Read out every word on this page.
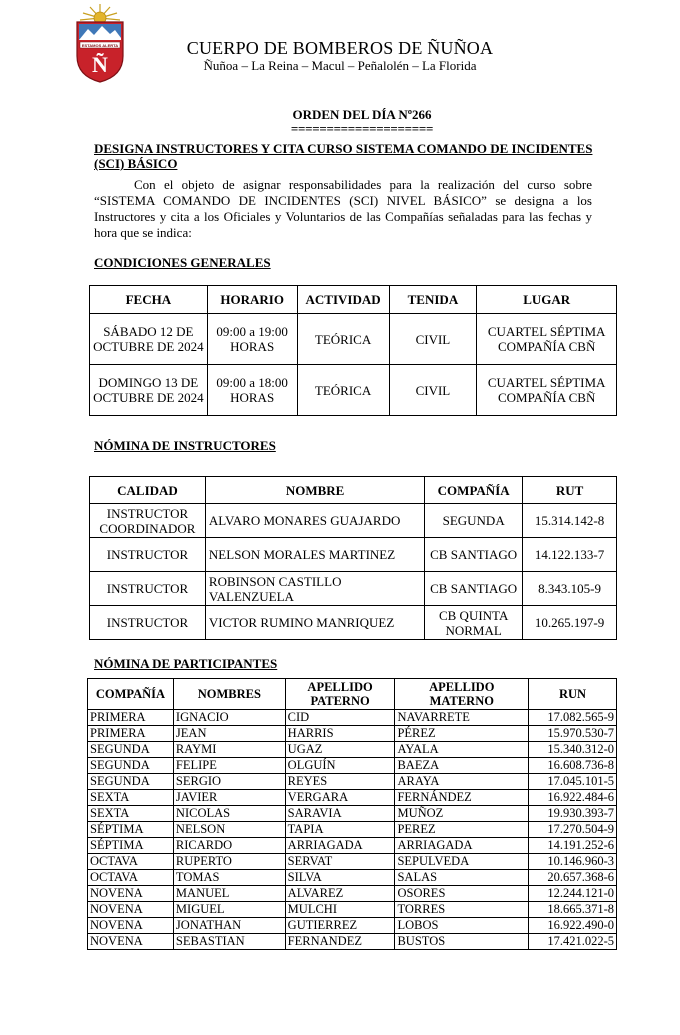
ESTAMOS ALERTA
Ñ
CUERPO DE BOMBEROS DE ÑUÑOA
Ñuñoa – La Reina – Macul – Peñalolén – La Florida
ORDEN DEL DÍA Nº266
====================
DESIGNA INSTRUCTORES Y CITA CURSO SISTEMA COMANDO DE INCIDENTES (SCI) BÁSICO
Con el objeto de asignar responsabilidades para la realización del curso sobre “SISTEMA COMANDO DE INCIDENTES (SCI) NIVEL BÁSICO” se designa a los Instructores y cita a los Oficiales y Voluntarios de las Compañías señaladas para las fechas y hora que se indica:
CONDICIONES GENERALES
FECHA	HORARIO	ACTIVIDAD	TENIDA	LUGAR
SÁBADO 12 DE OCTUBRE DE 2024	09:00 a 19:00 HORAS	TEÓRICA	CIVIL	CUARTEL SÉPTIMA COMPAÑÍA CBÑ
DOMINGO 13 DE OCTUBRE DE 2024	09:00 a 18:00 HORAS	TEÓRICA	CIVIL	CUARTEL SÉPTIMA COMPAÑÍA CBÑ
NÓMINA DE INSTRUCTORES
CALIDAD	NOMBRE	COMPAÑÍA	RUT
INSTRUCTOR COORDINADOR	ALVARO MONARES GUAJARDO	SEGUNDA	15.314.142-8
INSTRUCTOR	NELSON MORALES MARTINEZ	CB SANTIAGO	14.122.133-7
INSTRUCTOR	ROBINSON CASTILLO VALENZUELA	CB SANTIAGO	8.343.105-9
INSTRUCTOR	VICTOR RUMINO MANRIQUEZ	CB QUINTA NORMAL	10.265.197-9
NÓMINA DE PARTICIPANTES
COMPAÑÍA	NOMBRES	APELLIDO PATERNO	APELLIDO MATERNO	RUN
PRIMERA	IGNACIO	CID	NAVARRETE	17.082.565-9
PRIMERA	JEAN	HARRIS	PÉREZ	15.970.530-7
SEGUNDA	RAYMI	UGAZ	AYALA	15.340.312-0
SEGUNDA	FELIPE	OLGUÍN	BAEZA	16.608.736-8
SEGUNDA	SERGIO	REYES	ARAYA	17.045.101-5
SEXTA	JAVIER	VERGARA	FERNÁNDEZ	16.922.484-6
SEXTA	NICOLAS	SARAVIA	MUÑOZ	19.930.393-7
SÉPTIMA	NELSON	TAPIA	PEREZ	17.270.504-9
SÉPTIMA	RICARDO	ARRIAGADA	ARRIAGADA	14.191.252-6
OCTAVA	RUPERTO	SERVAT	SEPULVEDA	10.146.960-3
OCTAVA	TOMAS	SILVA	SALAS	20.657.368-6
NOVENA	MANUEL	ALVAREZ	OSORES	12.244.121-0
NOVENA	MIGUEL	MULCHI	TORRES	18.665.371-8
NOVENA	JONATHAN	GUTIERREZ	LOBOS	16.922.490-0
NOVENA	SEBASTIAN	FERNANDEZ	BUSTOS	17.421.022-5
